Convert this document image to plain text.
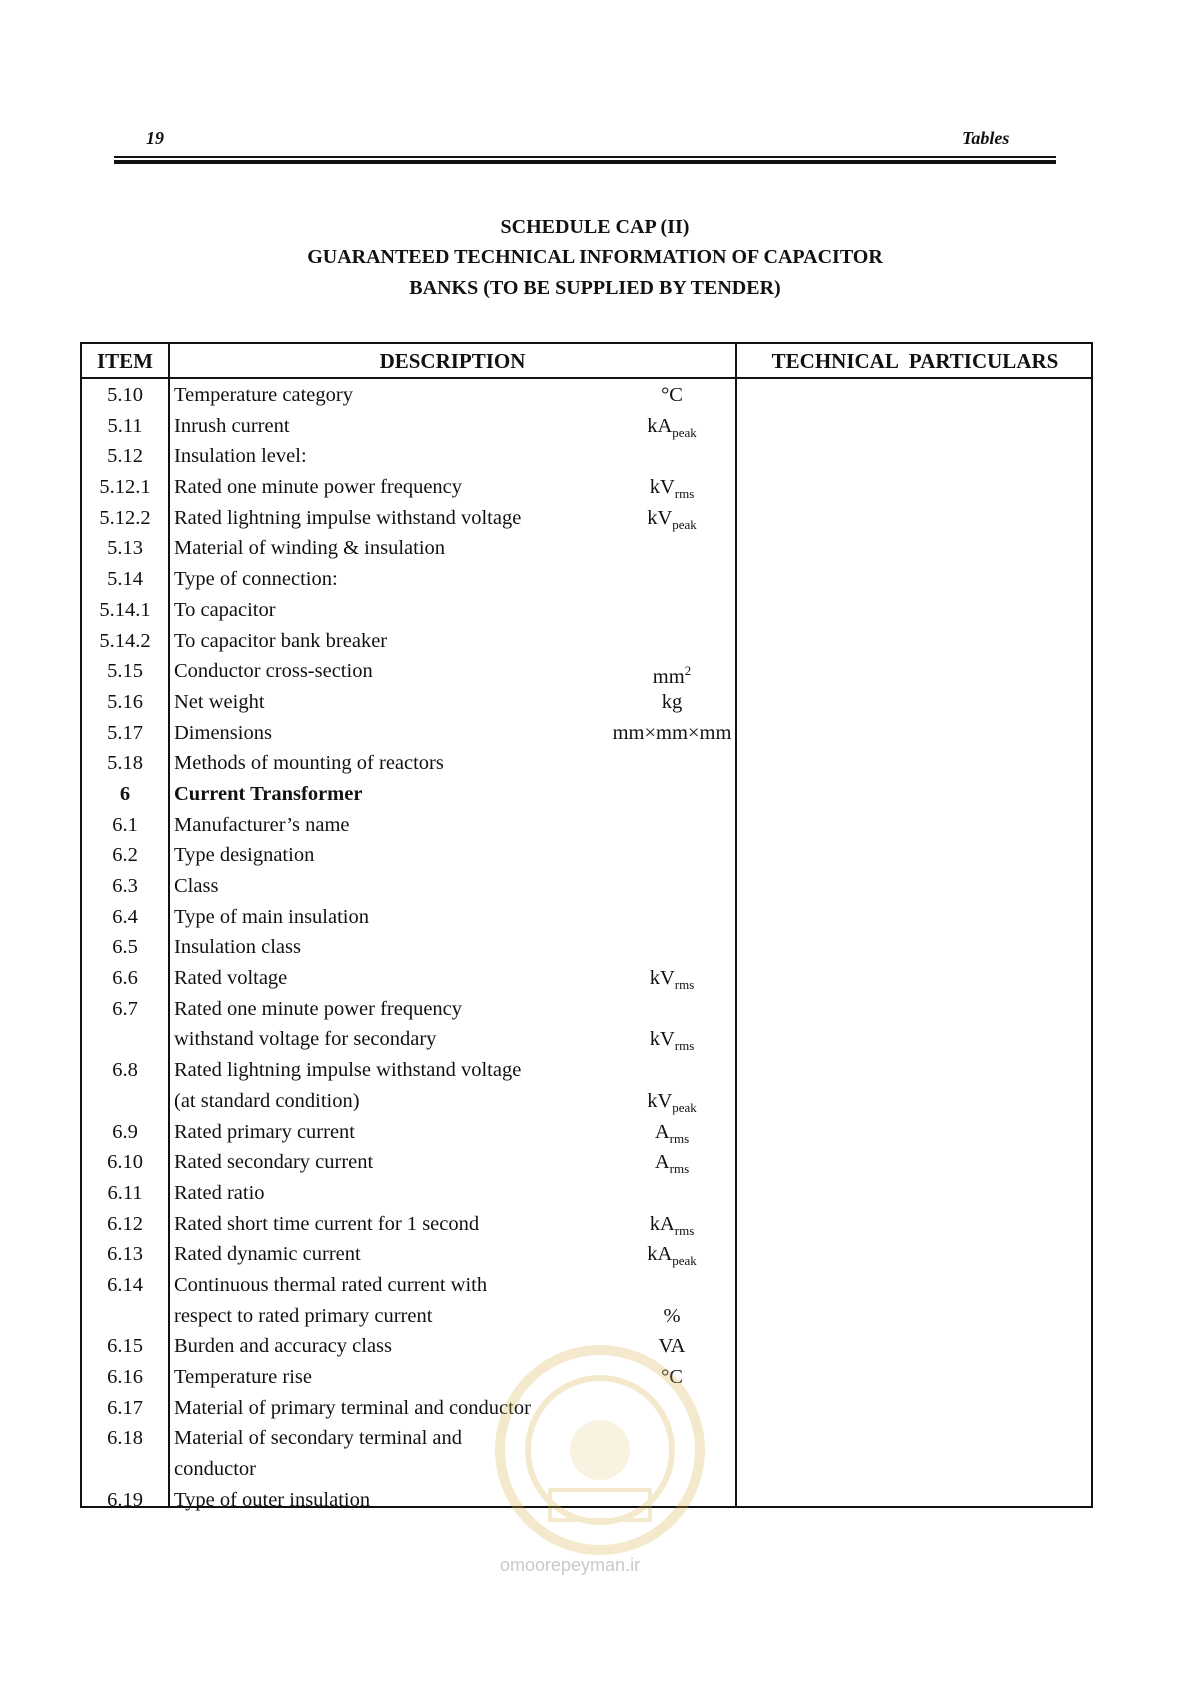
19	Tables
SCHEDULE CAP (II)
GUARANTEED TECHNICAL INFORMATION OF CAPACITOR
BANKS (TO BE SUPPLIED BY TENDER)
ITEM	DESCRIPTION	TECHNICAL PARTICULARS
5.10	Temperature category	°C
5.11	Inrush current	$kA_{peak}$
5.12	Insulation level:
5.12.1	Rated one minute power frequency	$kV_{rms}$
5.12.2	Rated lightning impulse withstand voltage	$kV_{peak}$
5.13	Material of winding & insulation
5.14	Type of connection:
5.14.1	To capacitor
5.14.2	To capacitor bank breaker
5.15	Conductor cross-section	$mm^2$
5.16	Net weight	kg
5.17	Dimensions	mm×mm×mm
5.18	Methods of mounting of reactors
6	Current Transformer
6.1	Manufacturer’s name
6.2	Type designation
6.3	Class
6.4	Type of main insulation
6.5	Insulation class
6.6	Rated voltage	$kV_{rms}$
6.7	Rated one minute power frequency
withstand voltage for secondary	$kV_{rms}$
6.8	Rated lightning impulse withstand voltage
(at standard condition)	$kV_{peak}$
6.9	Rated primary current	$A_{rms}$
6.10	Rated secondary current	$A_{rms}$
6.11	Rated ratio
6.12	Rated short time current for 1 second	$kA_{rms}$
6.13	Rated dynamic current	$kA_{peak}$
6.14	Continuous thermal rated current with
respect to rated primary current	%
6.15	Burden and accuracy class	VA
6.16	Temperature rise	°C
6.17	Material of primary terminal and conductor
6.18	Material of secondary terminal and
conductor
6.19	Type of outer insulation
omoorepeyman.ir
